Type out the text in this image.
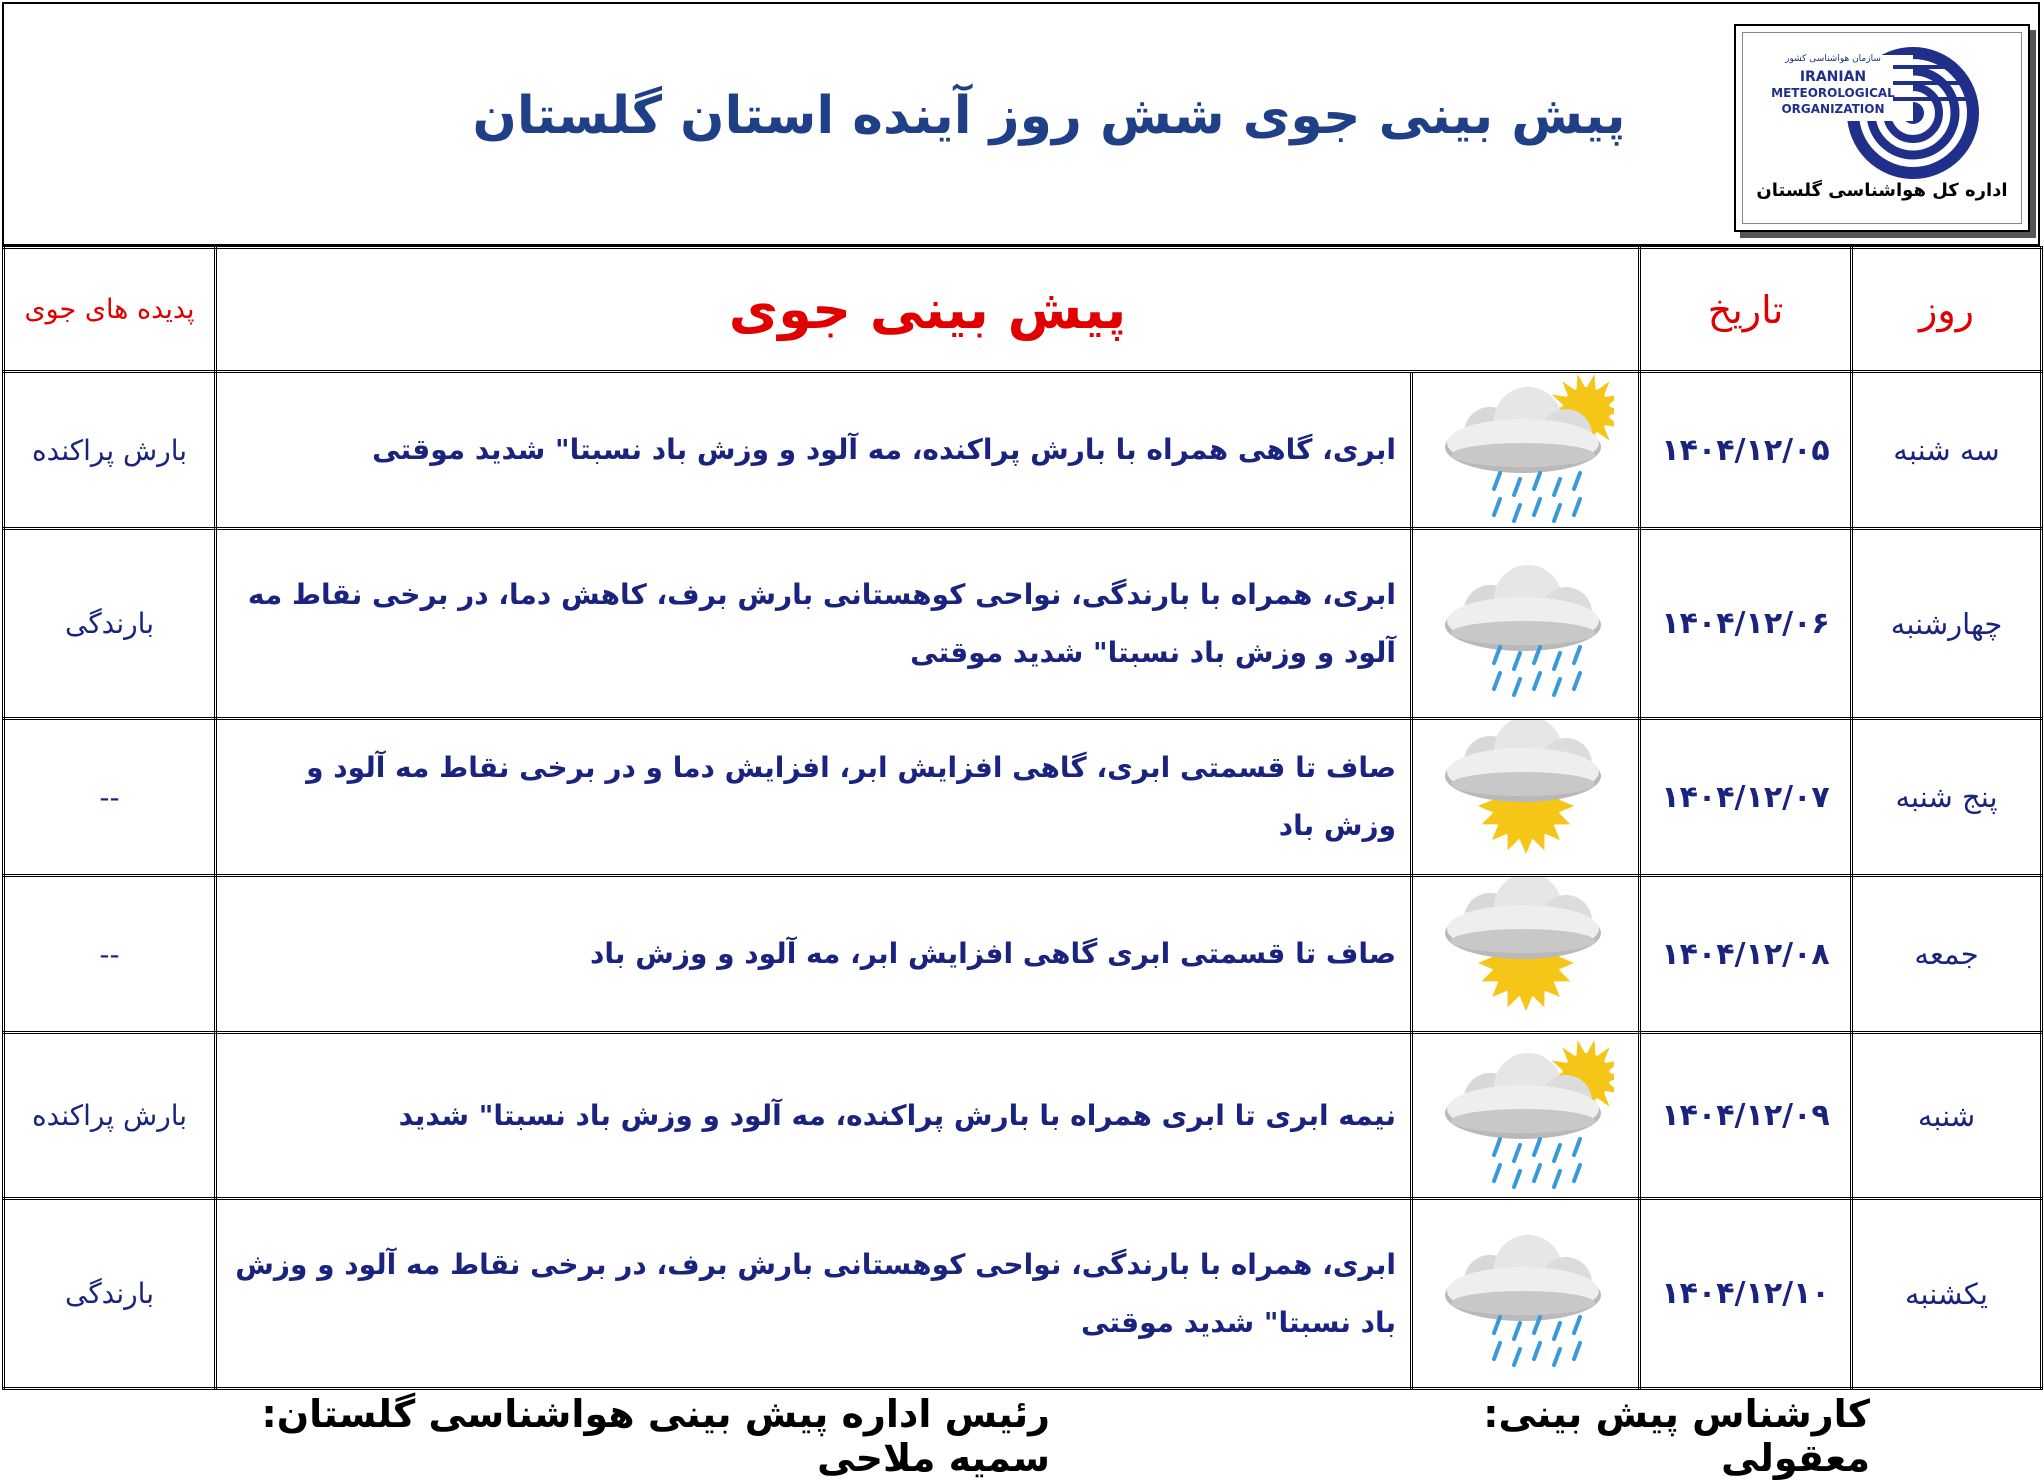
پیش بینی جوی شش روز آینده استان گلستان
سازمان هواشناسی کشور
IRANIAN
METEOROLOGICAL
ORGANIZATION
اداره کل هواشناسی گلستان
روز	تاریخ	پیش بینی جوی		پدیده های جوی
سه شنبه	۱۴۰۴/۱۲/۰۵		ابری، گاهی همراه با بارش پراکنده، مه آلود و وزش باد نسبتا" شدید موقتی	بارش پراکنده
چهارشنبه	۱۴۰۴/۱۲/۰۶		ابری، همراه با بارندگی، نواحی کوهستانی بارش برف، کاهش دما، در برخی نقاط مه آلود و وزش باد نسبتا" شدید موقتی	بارندگی
پنج شنبه	۱۴۰۴/۱۲/۰۷		صاف تا قسمتی ابری، گاهی افزایش ابر، افزایش دما و در برخی نقاط مه آلود و وزش باد	--
جمعه	۱۴۰۴/۱۲/۰۸		صاف تا قسمتی ابری گاهی افزایش ابر، مه آلود و وزش باد	--
شنبه	۱۴۰۴/۱۲/۰۹		نیمه ابری تا ابری همراه با بارش پراکنده، مه آلود و وزش باد نسبتا" شدید	بارش پراکنده
یکشنبه	۱۴۰۴/۱۲/۱۰		ابری، همراه با بارندگی، نواحی کوهستانی بارش برف، در برخی نقاط مه آلود و وزش باد نسبتا" شدید موقتی	بارندگی
کارشناس پیش بینی: معقولی
رئیس اداره پیش بینی هواشناسی گلستان: سمیه ملاحی
